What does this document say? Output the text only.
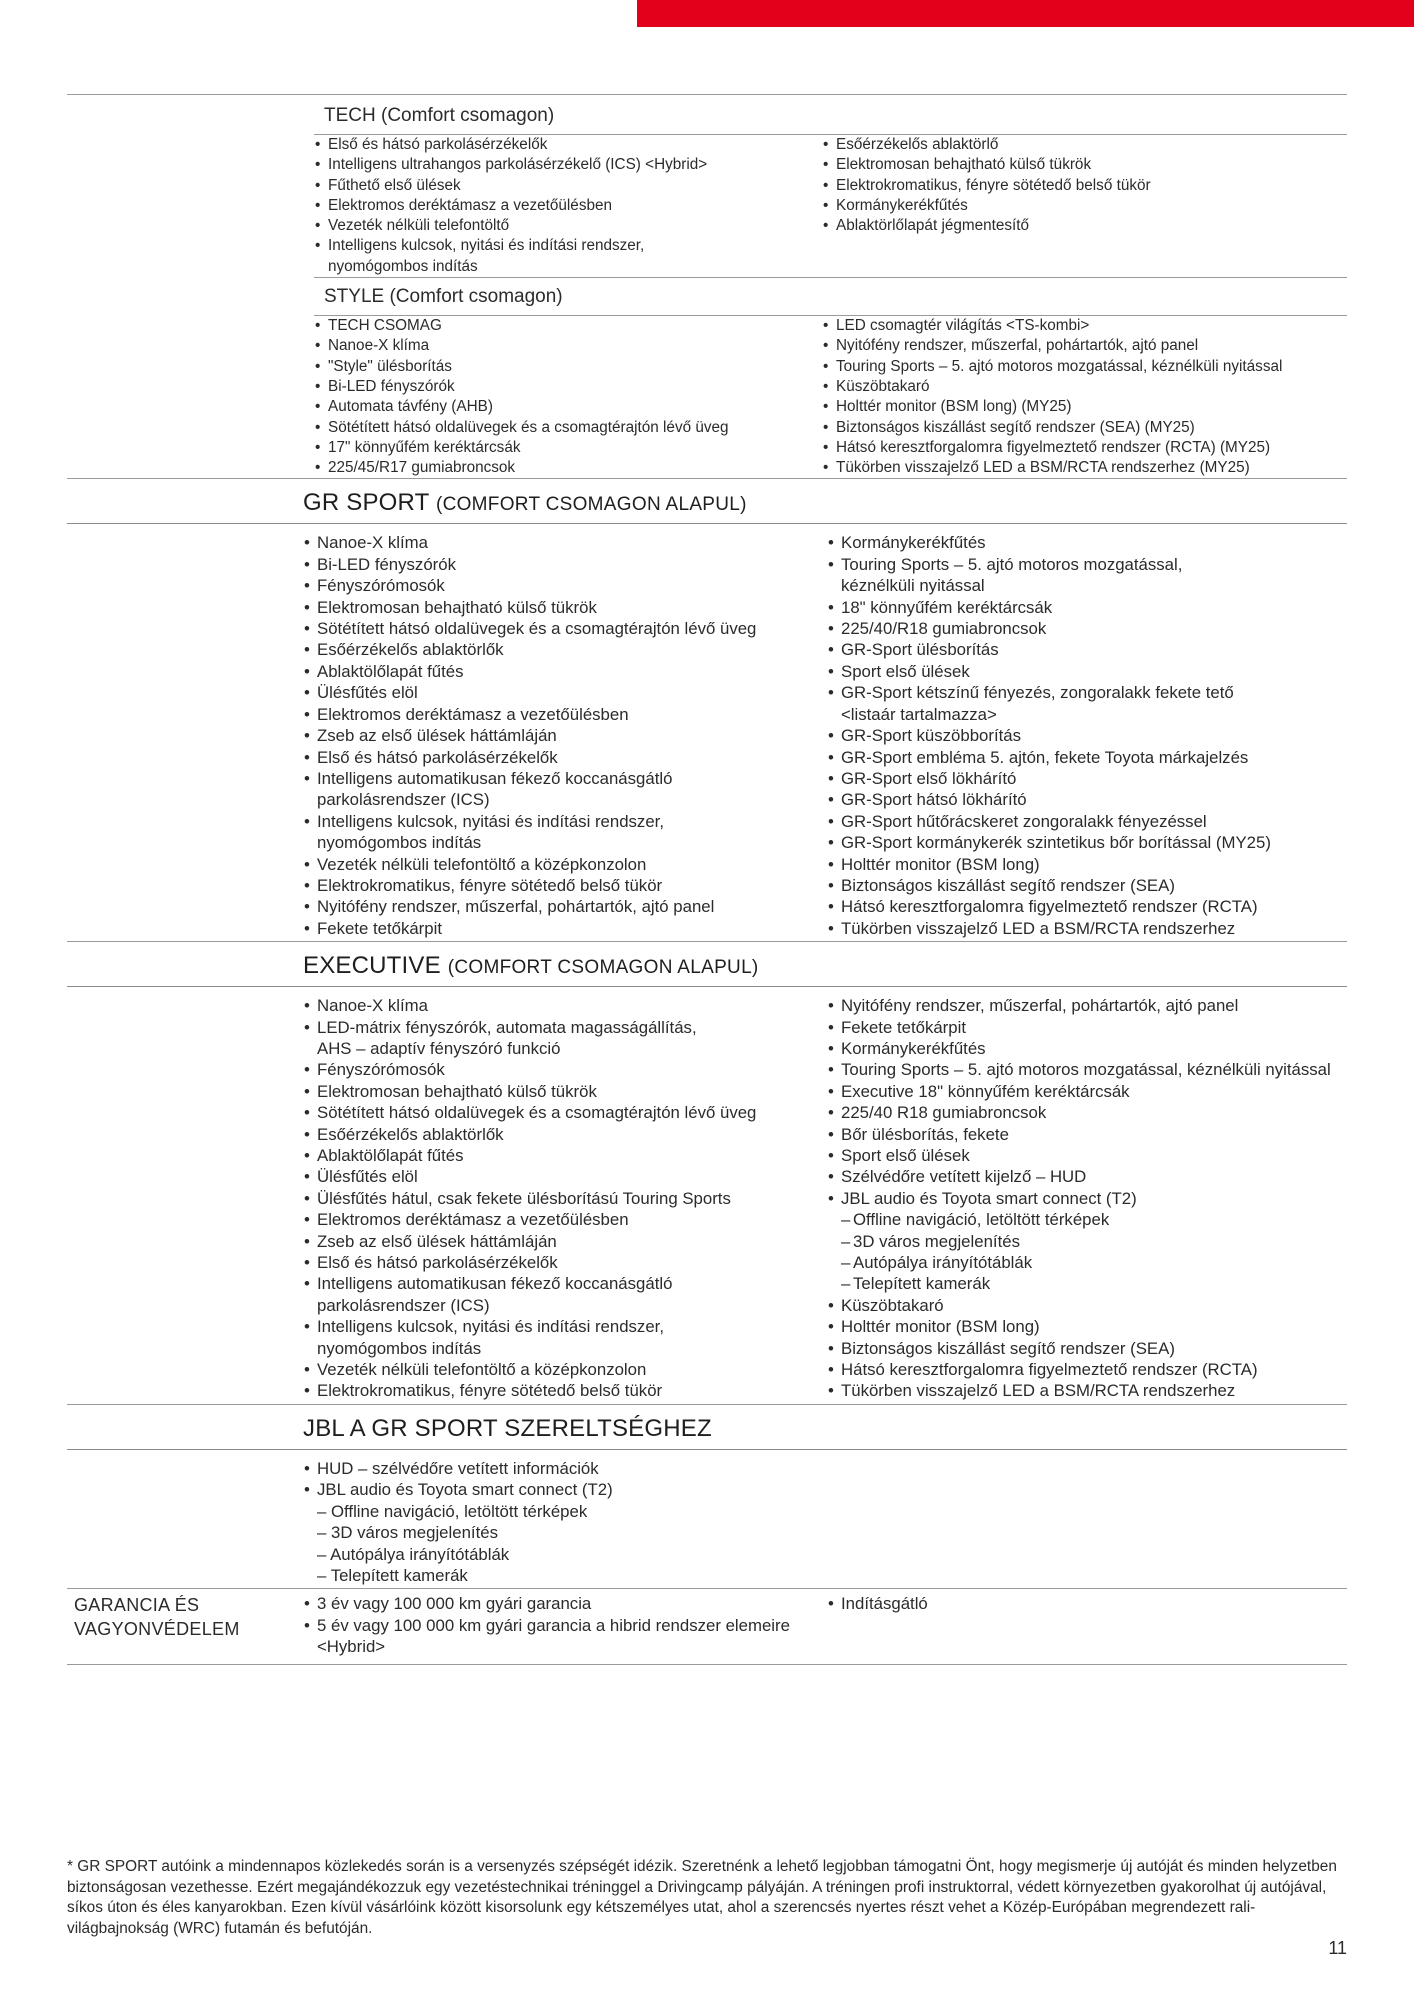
TECH (Comfort csomagon)
• Első és hátsó parkolásérzékelők
• Intelligens ultrahangos parkolásérzékelő (ICS) <Hybrid>
• Fűthető első ülések
• Elektromos deréktámasz a vezetőülésben
• Vezeték nélküli telefontöltő
• Intelligens kulcsok, nyitási és indítási rendszer,
nyomógombos indítás
• Esőérzékelős ablaktörlő
• Elektromosan behajtható külső tükrök
• Elektrokromatikus, fényre sötétedő belső tükör
• Kormánykerékfűtés
• Ablaktörlőlapát jégmentesítő
STYLE (Comfort csomagon)
• TECH CSOMAG
• Nanoe-X klíma
• "Style" ülésborítás
• Bi-LED fényszórók
• Automata távfény (AHB)
• Sötétített hátsó oldalüvegek és a csomagtérajtón lévő üveg
• 17" könnyűfém keréktárcsák
• 225/45/R17 gumiabroncsok
• LED csomagtér világítás <TS-kombi>
• Nyitófény rendszer, műszerfal, pohártartók, ajtó panel
• Touring Sports – 5. ajtó motoros mozgatással, kéznélküli nyitással
• Küszöbtakaró
• Holttér monitor (BSM long) (MY25)
• Biztonságos kiszállást segítő rendszer (SEA) (MY25)
• Hátsó keresztforgalomra figyelmeztető rendszer (RCTA) (MY25)
• Tükörben visszajelző LED a BSM/RCTA rendszerhez (MY25)
GR SPORT (COMFORT CSOMAGON ALAPUL)
• Nanoe-X klíma
• Bi-LED fényszórók
• Fényszórómosók
• Elektromosan behajtható külső tükrök
• Sötétített hátsó oldalüvegek és a csomagtérajtón lévő üveg
• Esőérzékelős ablaktörlők
• Ablaktölőlapát fűtés
• Ülésfűtés elöl
• Elektromos deréktámasz a vezetőülésben
• Zseb az első ülések háttámláján
• Első és hátsó parkolásérzékelők
• Intelligens automatikusan fékező koccanásgátló
parkolásrendszer (ICS)
• Intelligens kulcsok, nyitási és indítási rendszer,
nyomógombos indítás
• Vezeték nélküli telefontöltő a középkonzolon
• Elektrokromatikus, fényre sötétedő belső tükör
• Nyitófény rendszer, műszerfal, pohártartók, ajtó panel
• Fekete tetőkárpit
• Kormánykerékfűtés
• Touring Sports – 5. ajtó motoros mozgatással,
kéznélküli nyitással
• 18" könnyűfém keréktárcsák
• 225/40/R18 gumiabroncsok
• GR-Sport ülésborítás
• Sport első ülések
• GR-Sport kétszínű fényezés, zongoralakk fekete tető
<listaár tartalmazza>
• GR-Sport küszöbborítás
• GR-Sport embléma 5. ajtón, fekete Toyota márkajelzés
• GR-Sport első lökhárító
• GR-Sport hátsó lökhárító
• GR-Sport hűtőrácskeret zongoralakk fényezéssel
• GR-Sport kormánykerék szintetikus bőr borítással (MY25)
• Holttér monitor (BSM long)
• Biztonságos kiszállást segítő rendszer (SEA)
• Hátsó keresztforgalomra figyelmeztető rendszer (RCTA)
• Tükörben visszajelző LED a BSM/RCTA rendszerhez
EXECUTIVE (COMFORT CSOMAGON ALAPUL)
• Nanoe-X klíma
• LED-mátrix fényszórók, automata magasságállítás,
AHS – adaptív fényszóró funkció
• Fényszórómosók
• Elektromosan behajtható külső tükrök
• Sötétített hátsó oldalüvegek és a csomagtérajtón lévő üveg
• Esőérzékelős ablaktörlők
• Ablaktölőlapát fűtés
• Ülésfűtés elöl
• Ülésfűtés hátul, csak fekete ülésborítású Touring Sports
• Elektromos deréktámasz a vezetőülésben
• Zseb az első ülések háttámláján
• Első és hátsó parkolásérzékelők
• Intelligens automatikusan fékező koccanásgátló
parkolásrendszer (ICS)
• Intelligens kulcsok, nyitási és indítási rendszer,
nyomógombos indítás
• Vezeték nélküli telefontöltő a középkonzolon
• Elektrokromatikus, fényre sötétedő belső tükör
• Nyitófény rendszer, műszerfal, pohártartók, ajtó panel
• Fekete tetőkárpit
• Kormánykerékfűtés
• Touring Sports – 5. ajtó motoros mozgatással, kéznélküli nyitással
• Executive 18" könnyűfém keréktárcsák
• 225/40 R18 gumiabroncsok
• Bőr ülésborítás, fekete
• Sport első ülések
• Szélvédőre vetített kijelző – HUD
• JBL audio és Toyota smart connect (T2)
– Offline navigáció, letöltött térképek
– 3D város megjelenítés
– Autópálya irányítótáblák
– Telepített kamerák
• Küszöbtakaró
• Holttér monitor (BSM long)
• Biztonságos kiszállást segítő rendszer (SEA)
• Hátsó keresztforgalomra figyelmeztető rendszer (RCTA)
• Tükörben visszajelző LED a BSM/RCTA rendszerhez
JBL A GR SPORT SZERELTSÉGHEZ
• HUD – szélvédőre vetített információk
• JBL audio és Toyota smart connect (T2)
– Offline navigáció, letöltött térképek
– 3D város megjelenítés
– Autópálya irányítótáblák
– Telepített kamerák
GARANCIA ÉS
VAGYONVÉDELEM
• 3 év vagy 100 000 km gyári garancia
• 5 év vagy 100 000 km gyári garancia a hibrid rendszer elemeire
<Hybrid>
• Indításgátló
* GR SPORT autóink a mindennapos közlekedés során is a versenyzés szépségét idézik. Szeretnénk a lehető legjobban támogatni Önt, hogy megismerje új autóját és minden helyzetben biztonságosan vezethesse. Ezért megajándékozzuk egy vezetéstechnikai tréninggel a Drivingcamp pályáján. A tréningen profi instruktorral, védett környezetben gyakorolhat új autójával, síkos úton és éles kanyarokban. Ezen kívül vásárlóink között kisorsolunk egy kétszemélyes utat, ahol a szerencsés nyertes részt vehet a Közép-Európában megrendezett rali-világbajnokság (WRC) futamán és befutóján.
11
